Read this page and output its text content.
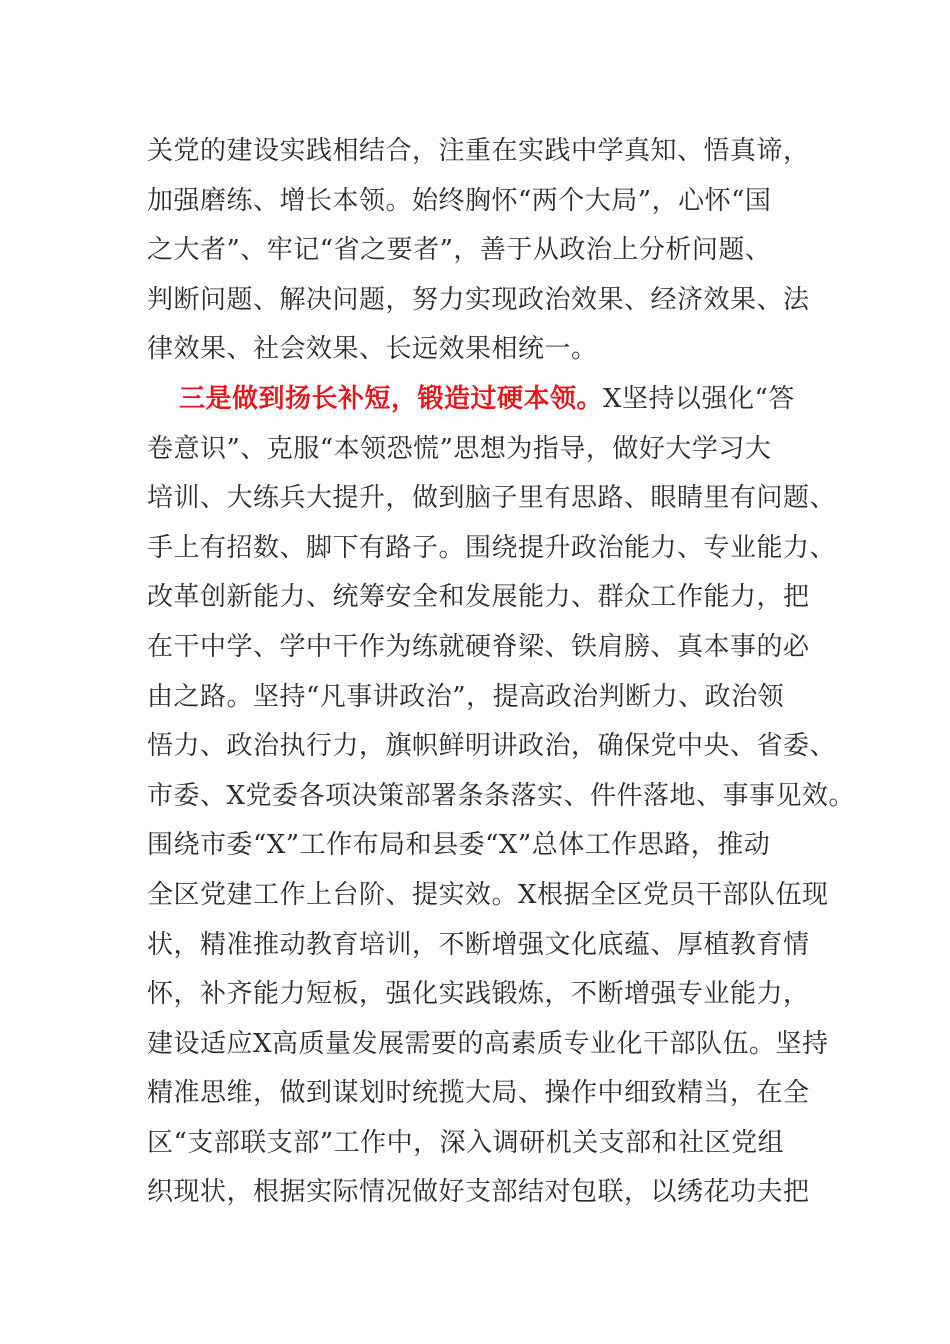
关党的建设实践相结合，注重在实践中学真知、悟真谛，
加强磨练、增长本领。始终胸怀“两个大局”，心怀“国
之大者”、牢记“省之要者”，善于从政治上分析问题、
判断问题、解决问题，努力实现政治效果、经济效果、法
律效果、社会效果、长远效果相统一。
三是做到扬长补短，锻造过硬本领。X坚持以强化“答
卷意识”、克服“本领恐慌”思想为指导，做好大学习大
培训、大练兵大提升，做到脑子里有思路、眼睛里有问题、
手上有招数、脚下有路子。围绕提升政治能力、专业能力、
改革创新能力、统筹安全和发展能力、群众工作能力，把
在干中学、学中干作为练就硬脊梁、铁肩膀、真本事的必
由之路。坚持“凡事讲政治”，提高政治判断力、政治领
悟力、政治执行力，旗帜鲜明讲政治，确保党中央、省委、
市委、X党委各项决策部署条条落实、件件落地、事事见效。
围绕市委“X”工作布局和县委“X”总体工作思路，推动
全区党建工作上台阶、提实效。X根据全区党员干部队伍现
状，精准推动教育培训，不断增强文化底蕴、厚植教育情
怀，补齐能力短板，强化实践锻炼，不断增强专业能力，
建设适应X高质量发展需要的高素质专业化干部队伍。坚持
精准思维，做到谋划时统揽大局、操作中细致精当，在全
区“支部联支部”工作中，深入调研机关支部和社区党组
织现状，根据实际情况做好支部结对包联，以绣花功夫把
